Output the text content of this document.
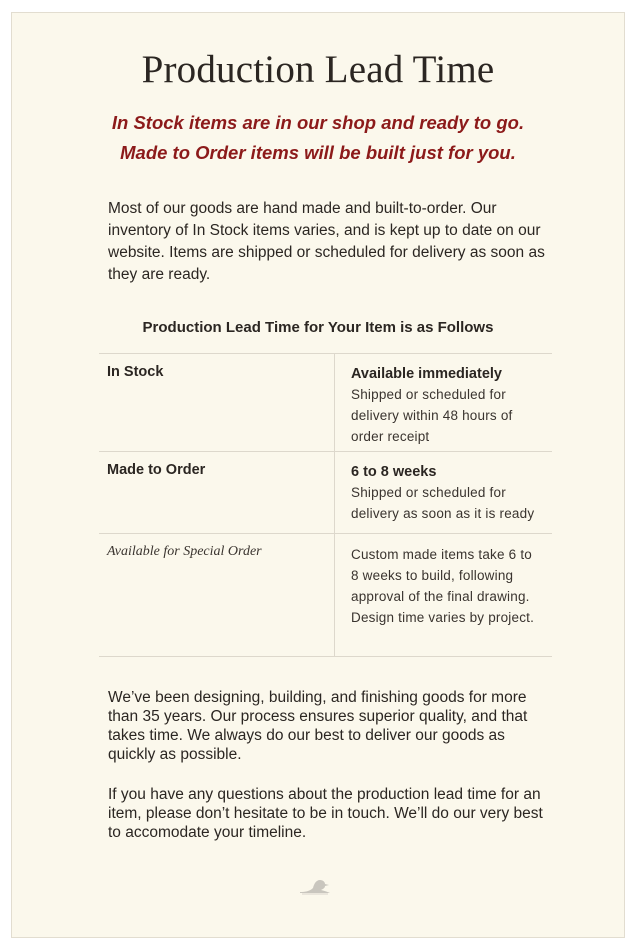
Production Lead Time
In Stock items are in our shop and ready to go.
Made to Order items will be built just for you.

Most of our goods are hand made and built-to-order. Our inventory of In Stock items varies, and is kept up to date on our website. Items are shipped or scheduled for delivery as soon as they are ready.

Production Lead Time for Your Item is as Follows
In Stock	Available immediately
Shipped or scheduled for delivery within 48 hours of order receipt
Made to Order	6 to 8 weeks
Shipped or scheduled for delivery as soon as it is ready
Available for Special Order	Custom made items take 6 to 8 weeks to build, following approval of the final drawing. Design time varies by project.

We’ve been designing, building, and finishing goods for more than 35 years. Our process ensures superior quality, and that takes time. We always do our best to deliver our goods as quickly as possible.

If you have any questions about the production lead time for an item, please don’t hesitate to be in touch. We’ll do our very best to accomodate your timeline.
